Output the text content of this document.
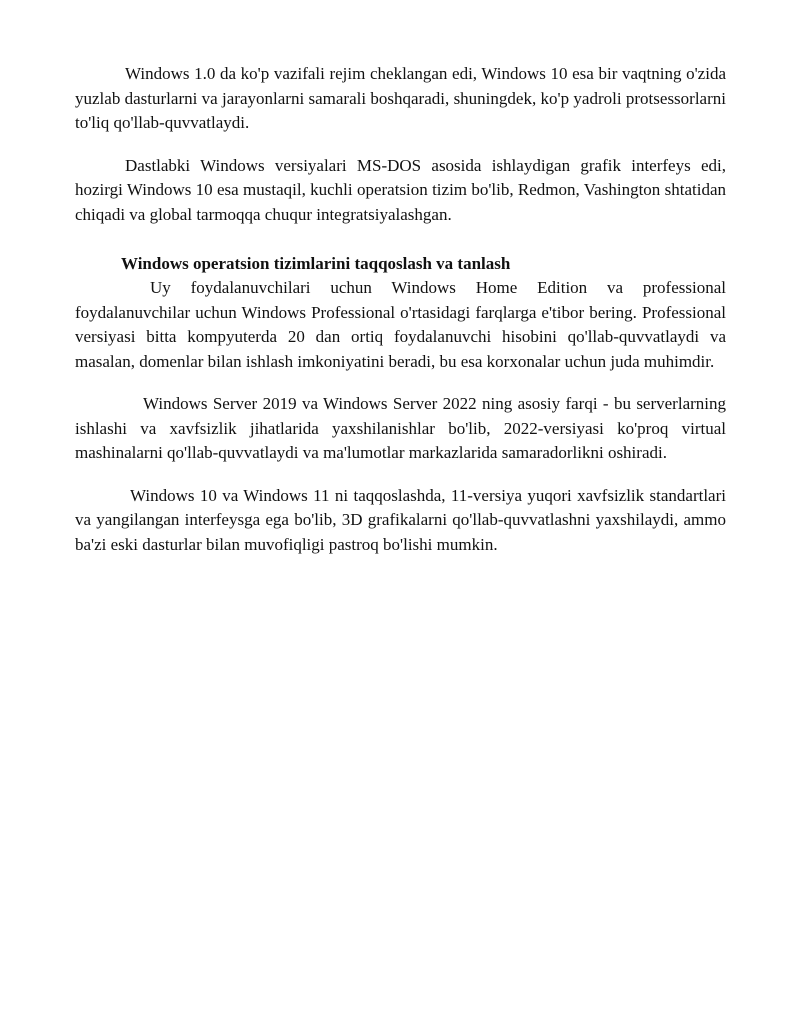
Windows 1.0 da ko'p vazifali rejim cheklangan edi, Windows 10 esa bir vaqtning o'zida yuzlab dasturlarni va jarayonlarni samarali boshqaradi, shuningdek, ko'p yadroli protsessorlarni to'liq qo'llab-quvvatlaydi.

Dastlabki Windows versiyalari MS-DOS asosida ishlaydigan grafik interfeys edi, hozirgi Windows 10 esa mustaqil, kuchli operatsion tizim bo'lib, Redmon, Vashington shtatidan chiqadi va global tarmoqqa chuqur integratsiyalashgan.

Windows operatsion tizimlarini taqqoslash va tanlash

Uy foydalanuvchilari uchun Windows Home Edition va professional foydalanuvchilar uchun Windows Professional o'rtasidagi farqlarga e'tibor bering. Professional versiyasi bitta kompyuterda 20 dan ortiq foydalanuvchi hisobini qo'llab-quvvatlaydi va masalan, domenlar bilan ishlash imkoniyatini beradi, bu esa korxonalar uchun juda muhimdir.

Windows Server 2019 va Windows Server 2022 ning asosiy farqi - bu serverlarning ishlashi va xavfsizlik jihatlarida yaxshilanishlar bo'lib, 2022-versiyasi ko'proq virtual mashinalarni qo'llab-quvvatlaydi va ma'lumotlar markazlarida samaradorlikni oshiradi.

Windows 10 va Windows 11 ni taqqoslashda, 11-versiya yuqori xavfsizlik standartlari va yangilangan interfeysga ega bo'lib, 3D grafikalarni qo'llab-quvvatlashni yaxshilaydi, ammo ba'zi eski dasturlar bilan muvofiqligi pastroq bo'lishi mumkin.
